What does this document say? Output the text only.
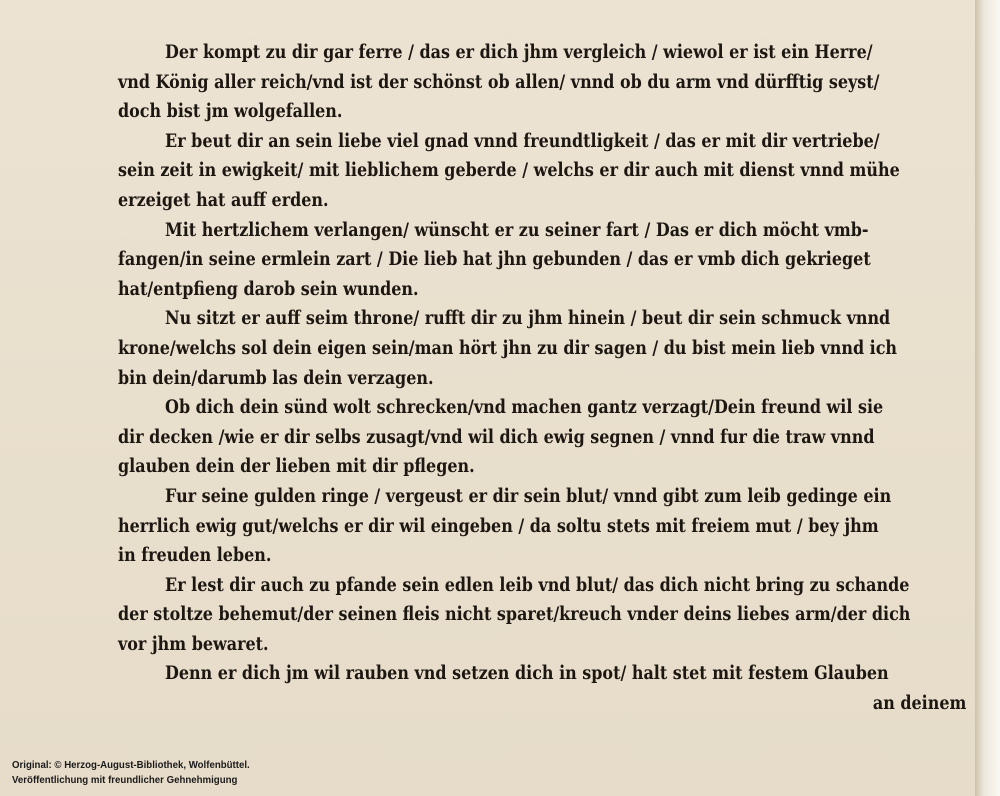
Der kompt zu dir gar ferre / das er dich jhm vergleich / wiewol er ist ein Herre/
vnd König aller reich/vnd ist der schönst ob allen/ vnnd ob du arm vnd dürfftig seyst/
doch bist jm wolgefallen.
Er beut dir an sein liebe viel gnad vnnd freundtligkeit / das er mit dir vertriebe/
sein zeit in ewigkeit/ mit lieblichem geberde / welchs er dir auch mit dienst vnnd mühe
erzeiget hat auff erden.
Mit hertzlichem verlangen/ wünscht er zu seiner fart / Das er dich möcht vmb-
fangen/in seine ermlein zart / Die lieb hat jhn gebunden / das er vmb dich gekrieget
hat/entpfieng darob sein wunden.
Nu sitzt er auff seim throne/ rufft dir zu jhm hinein / beut dir sein schmuck vnnd
krone/welchs sol dein eigen sein/man hört jhn zu dir sagen / du bist mein lieb vnnd ich
bin dein/darumb las dein verzagen.
Ob dich dein sünd wolt schrecken/vnd machen gantz verzagt/Dein freund wil sie
dir decken /wie er dir selbs zusagt/vnd wil dich ewig segnen / vnnd fur die traw vnnd
glauben dein der lieben mit dir pflegen.
Fur seine gulden ringe / vergeust er dir sein blut/ vnnd gibt zum leib gedinge ein
herrlich ewig gut/welchs er dir wil eingeben / da soltu stets mit freiem mut / bey jhm
in freuden leben.
Er lest dir auch zu pfande sein edlen leib vnd blut/ das dich nicht bring zu schande
der stoltze behemut/der seinen fleis nicht sparet/kreuch vnder deins liebes arm/der dich
vor jhm bewaret.
Denn er dich jm wil rauben vnd setzen dich in spot/ halt stet mit festem Glauben
an deinem
Original: © Herzog-August-Bibliothek, Wolfenbüttel.
Veröffentlichung mit freundlicher Gehnehmigung
